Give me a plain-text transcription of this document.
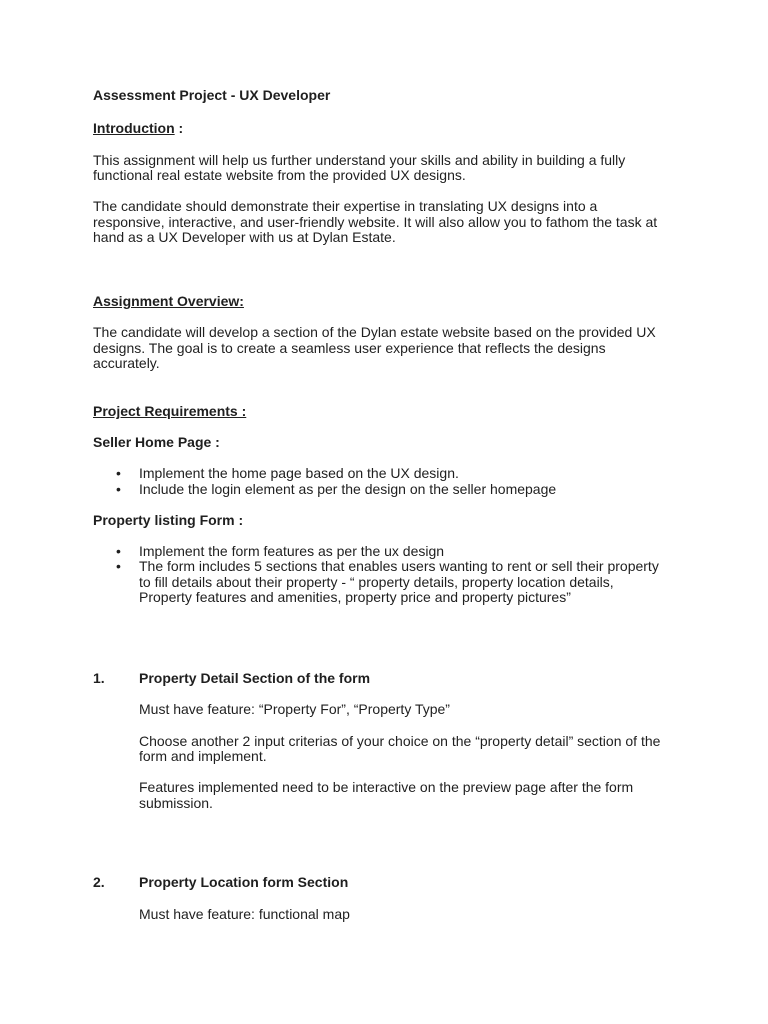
Assessment Project - UX Developer

Introduction :

This assignment will help us further understand your skills and ability in building a fully

functional real estate website from the provided UX designs.

The candidate should demonstrate their expertise in translating UX designs into a

responsive, interactive, and user-friendly website. It will also allow you to fathom the task at

hand as a UX Developer with us at Dylan Estate.

Assignment Overview:

The candidate will develop a section of the Dylan estate website based on the provided UX

designs. The goal is to create a seamless user experience that reflects the designs

accurately.

Project Requirements :

Seller Home Page :

• Implement the home page based on the UX design.

• Include the login element as per the design on the seller homepage

Property listing Form :

• Implement the form features as per the ux design

• The form includes 5 sections that enables users wanting to rent or sell their property

to fill details about their property - “ property details, property location details,

Property features and amenities, property price and property pictures”

1. Property Detail Section of the form

Must have feature: “Property For”, “Property Type”

Choose another 2 input criterias of your choice on the “property detail” section of the

form and implement.

Features implemented need to be interactive on the preview page after the form

submission.

2. Property Location form Section

Must have feature: functional map
